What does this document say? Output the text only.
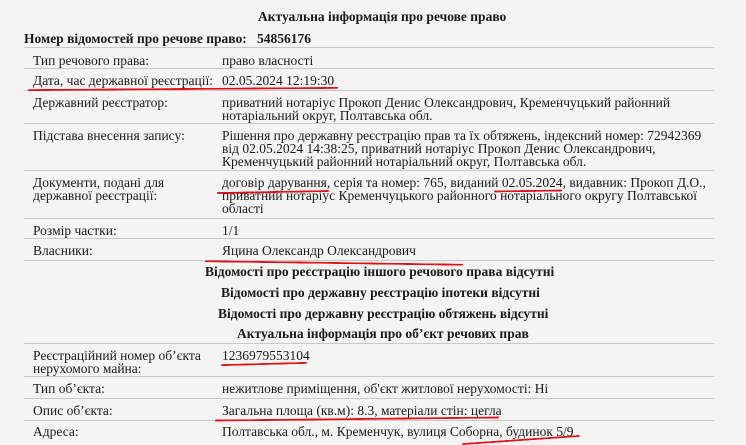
Актуальна інформація про речове право
Номер відомостей про речове право: 54856176
Тип речового права:	право власності
Дата, час державної реєстрації: 02.05.2024 12:19:30
Державний реєстратор:	приватний нотаріус Прокоп Денис Олександрович, Кременчуцький районний
нотаріальний округ, Полтавська обл.
Підстава внесення запису:	Рішення про державну реєстрацію прав та їх обтяжень, індексний номер: 72942369
від 02.05.2024 14:38:25, приватний нотаріус Прокоп Денис Олександрович,
Кременчуцький районний нотаріальний округ, Полтавська обл.
Документи, подані для
державної реєстрації:
договір дарування, серія та номер: 765, виданий 02.05.2024, видавник: Прокоп Д.О.,
приватний нотаріус Кременчуцького районного нотаріального округу Полтавської
області
Розмір частки:	1/1
Власники:	Яцина Олександр Олександрович
Відомості про реєстрацію іншого речового права відсутні
Відомості про державну реєстрацію іпотеки відсутні
Відомості про державну реєстрацію обтяжень відсутні
Актуальна інформація про об’єкт речових прав
Реєстраційний номер об’єкта
нерухомого майна:
1236979553104
Тип об’єкта:	нежитлове приміщення, об'єкт житлової нерухомості: Ні
Опис об’єкта:	Загальна площа (кв.м): 8.3, матеріали стін: цегла
Адреса:	Полтавська обл., м. Кременчук, вулиця Соборна, будинок 5/9
